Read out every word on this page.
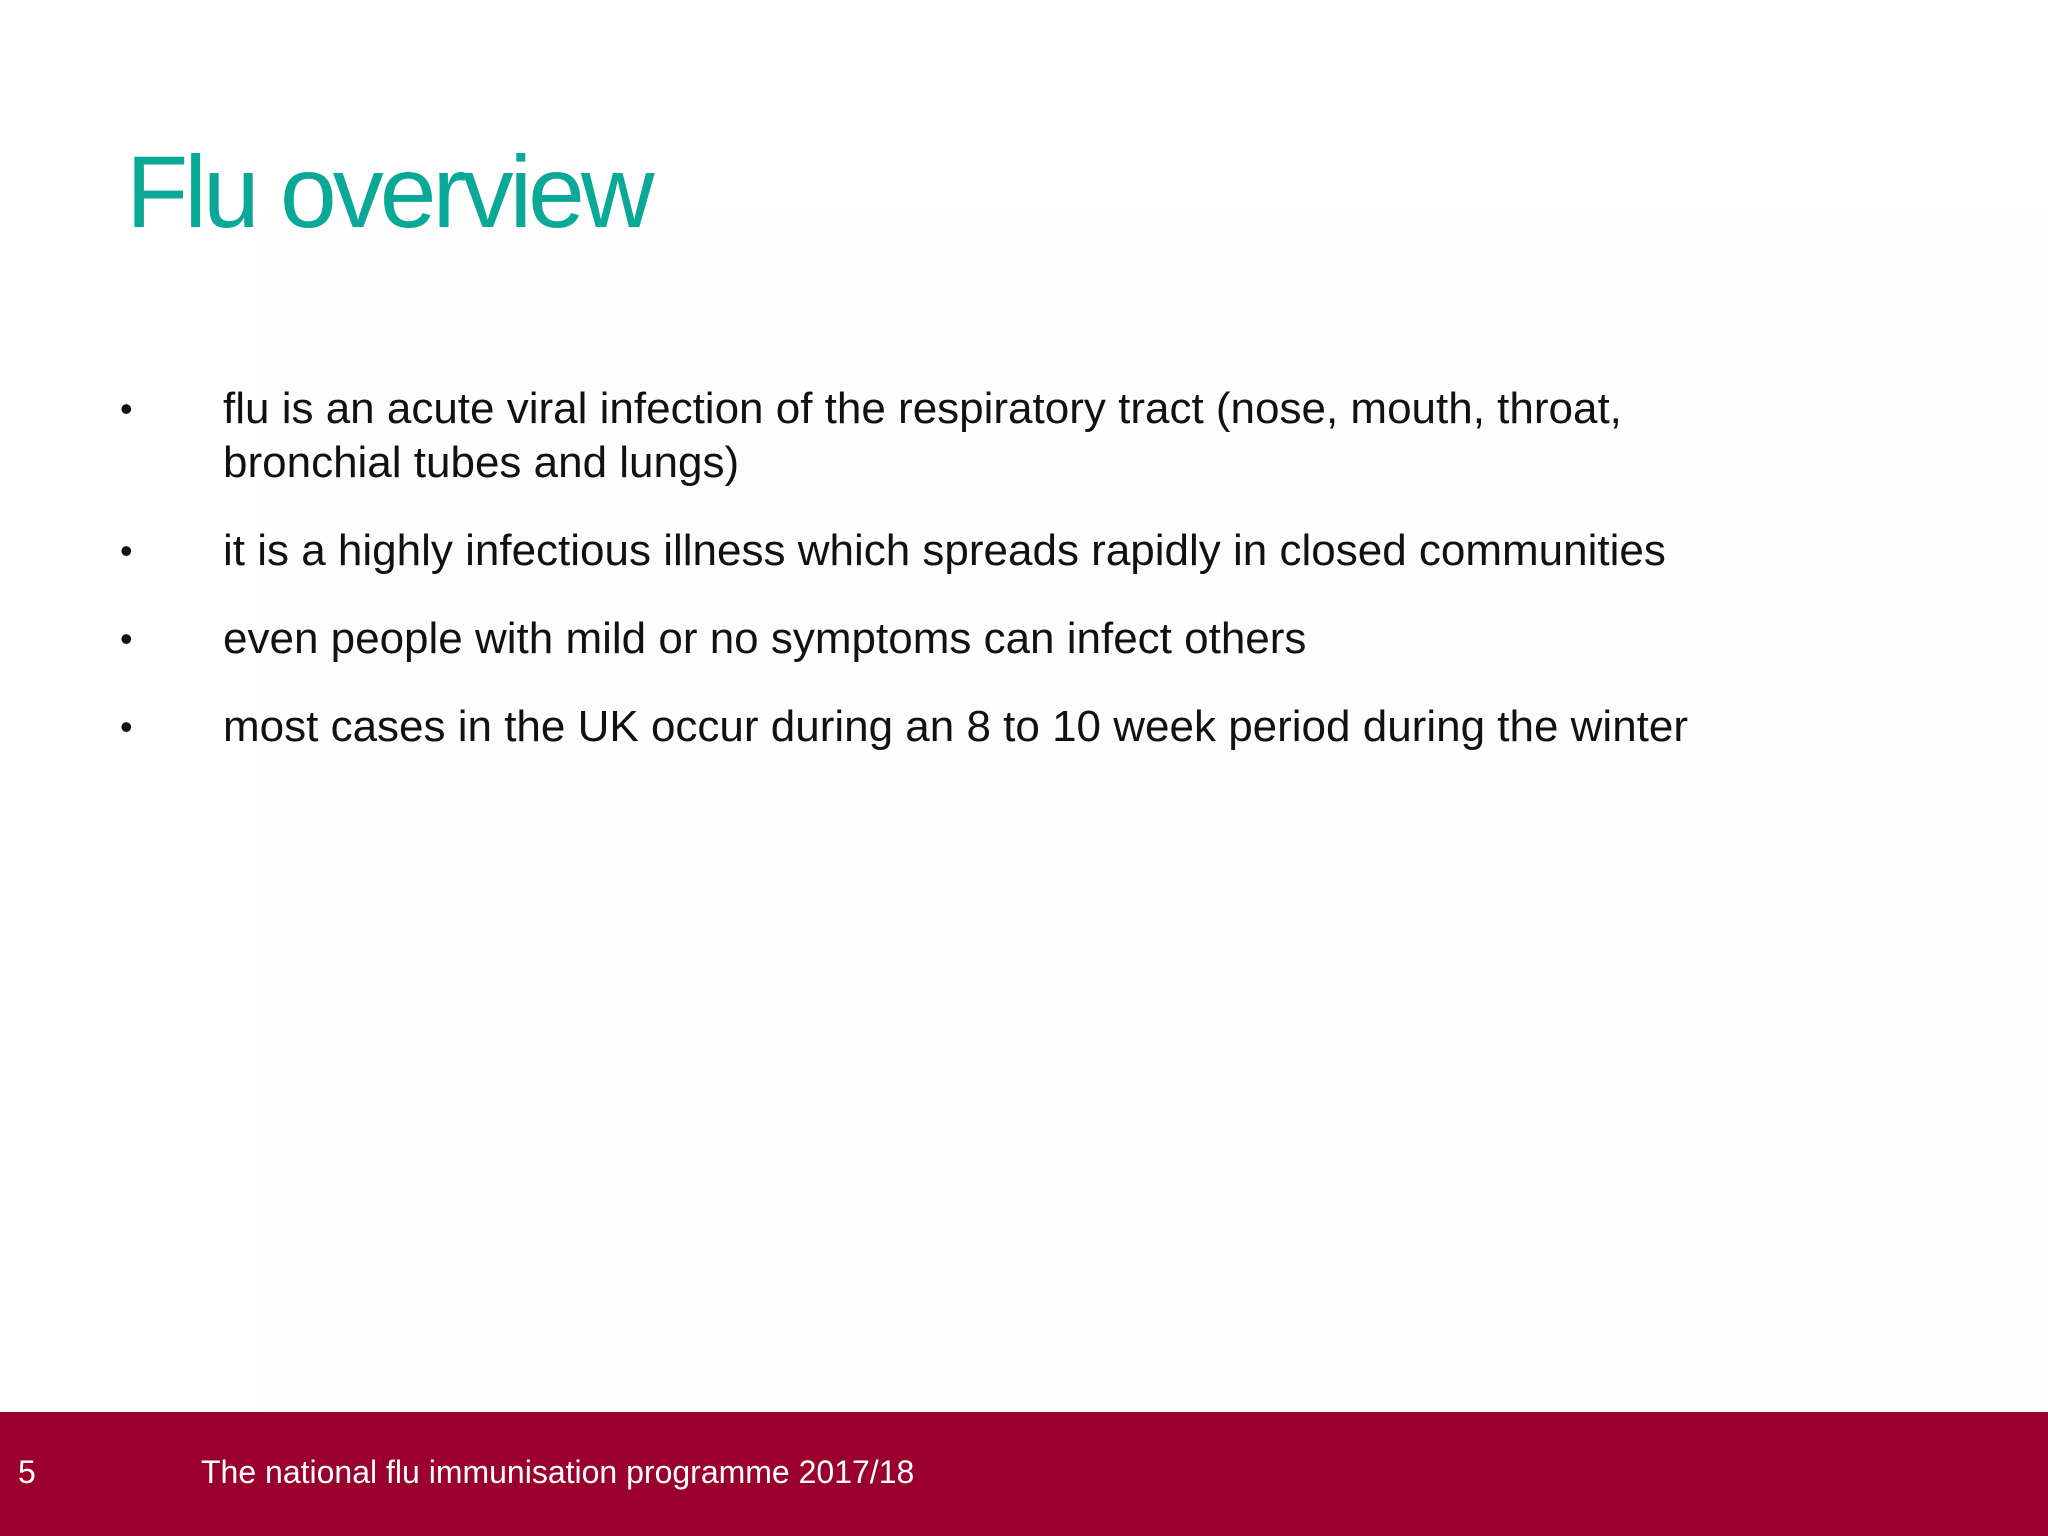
Flu overview
•	flu is an acute viral infection of the respiratory tract (nose, mouth, throat, bronchial tubes and lungs)
•	it is a highly infectious illness which spreads rapidly in closed communities
•	even people with mild or no symptoms can infect others
•	most cases in the UK occur during an 8 to 10 week period during the winter
5	The national flu immunisation programme 2017/18
